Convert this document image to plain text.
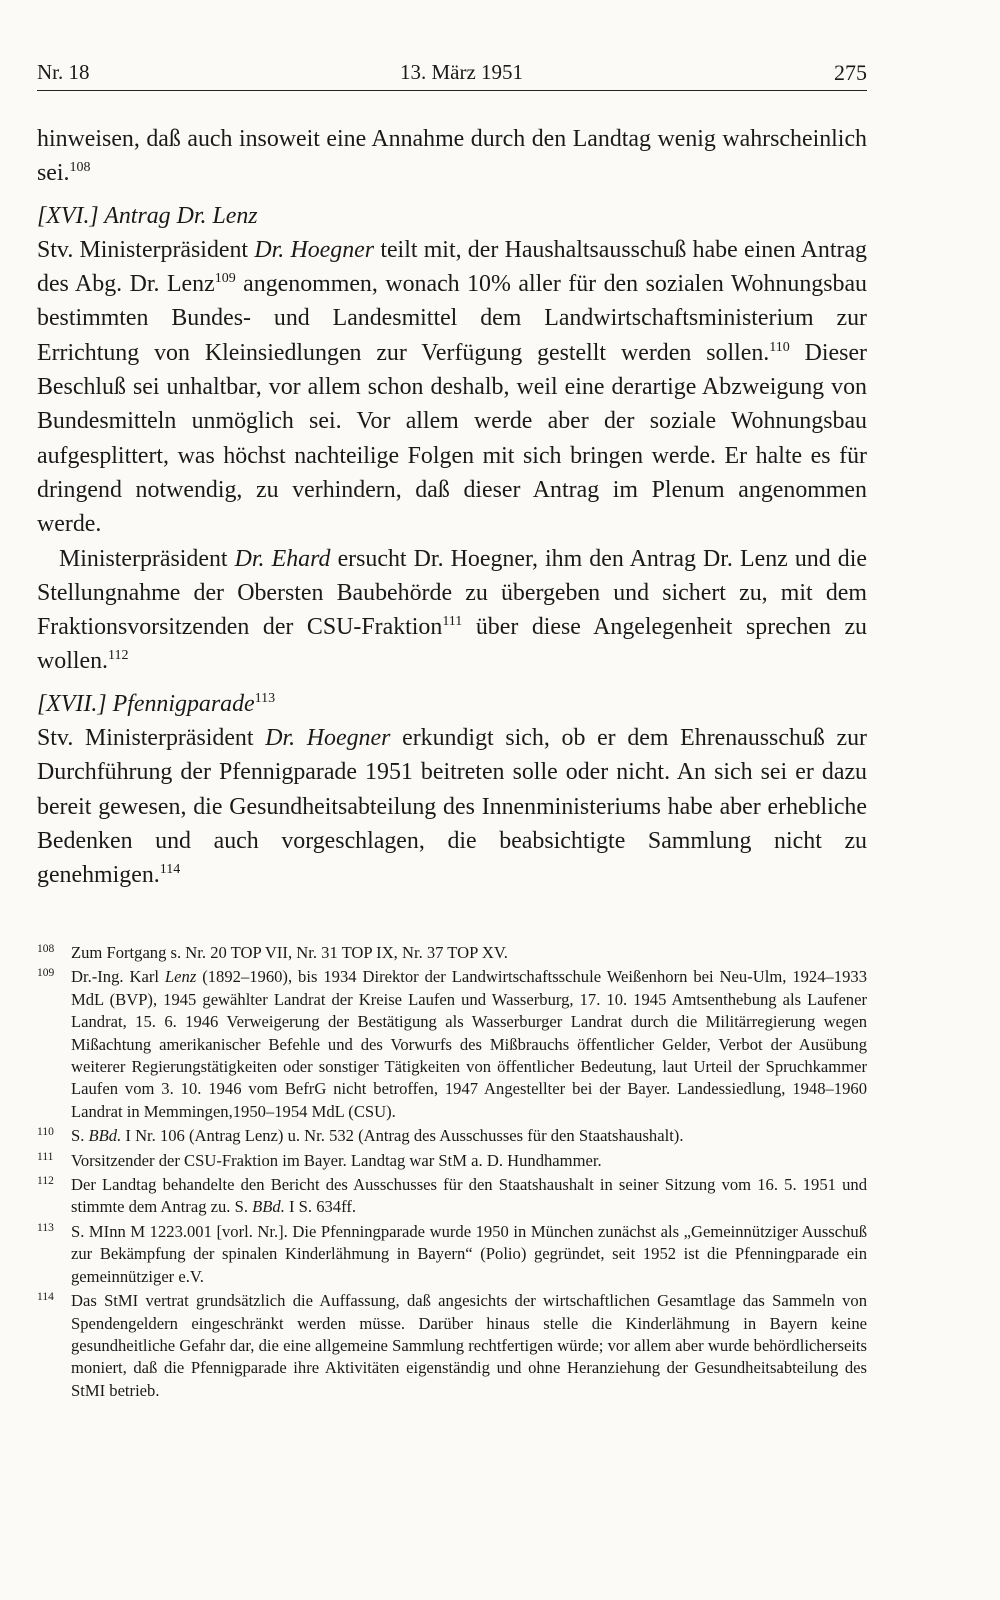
Nr. 18	13. März 1951	275

hinweisen, daß auch insoweit eine Annahme durch den Landtag wenig wahrscheinlich sei.$^{108}$

[XVI.] Antrag Dr. Lenz

Stv. Ministerpräsident Dr. Hoegner teilt mit, der Haushaltsausschuß habe einen Antrag des Abg. Dr. Lenz$^{109}$ angenommen, wonach 10% aller für den sozialen Wohnungsbau bestimmten Bundes- und Landesmittel dem Landwirtschaftsministerium zur Errichtung von Kleinsiedlungen zur Verfügung gestellt werden sollen.$^{110}$ Dieser Beschluß sei unhaltbar, vor allem schon deshalb, weil eine derartige Abzweigung von Bundesmitteln unmöglich sei. Vor allem werde aber der soziale Wohnungsbau aufgesplittert, was höchst nachteilige Folgen mit sich bringen werde. Er halte es für dringend notwendig, zu verhindern, daß dieser Antrag im Plenum angenommen werde.

Ministerpräsident Dr. Ehard ersucht Dr. Hoegner, ihm den Antrag Dr. Lenz und die Stellungnahme der Obersten Baubehörde zu übergeben und sichert zu, mit dem Fraktionsvorsitzenden der CSU-Fraktion$^{111}$ über diese Angelegenheit sprechen zu wollen.$^{112}$

[XVII.] Pfennigparade$^{113}$

Stv. Ministerpräsident Dr. Hoegner erkundigt sich, ob er dem Ehrenausschuß zur Durchführung der Pfennigparade 1951 beitreten solle oder nicht. An sich sei er dazu bereit gewesen, die Gesundheitsabteilung des Innenministeriums habe aber erhebliche Bedenken und auch vorgeschlagen, die beabsichtigte Sammlung nicht zu genehmigen.$^{114}$

108	Zum Fortgang s. Nr. 20 TOP VII, Nr. 31 TOP IX, Nr. 37 TOP XV.
109	Dr.-Ing. Karl Lenz (1892–1960), bis 1934 Direktor der Landwirtschaftsschule Weißenhorn bei Neu-Ulm, 1924–1933 MdL (BVP), 1945 gewählter Landrat der Kreise Laufen und Wasserburg, 17. 10. 1945 Amtsenthebung als Laufener Landrat, 15. 6. 1946 Verweigerung der Bestätigung als Wasserburger Landrat durch die Militärregierung wegen Mißachtung amerikanischer Befehle und des Vorwurfs des Mißbrauchs öffentlicher Gelder, Verbot der Ausübung weiterer Regierungstätigkeiten oder sonstiger Tätigkeiten von öffentlicher Bedeutung, laut Urteil der Spruchkammer Laufen vom 3. 10. 1946 vom BefrG nicht betroffen, 1947 Angestellter bei der Bayer. Landessiedlung, 1948–1960 Landrat in Memmingen,1950–1954 MdL (CSU).
110	S. BBd. I Nr. 106 (Antrag Lenz) u. Nr. 532 (Antrag des Ausschusses für den Staatshaushalt).
111	Vorsitzender der CSU-Fraktion im Bayer. Landtag war StM a. D. Hundhammer.
112	Der Landtag behandelte den Bericht des Ausschusses für den Staatshaushalt in seiner Sitzung vom 16. 5. 1951 und stimmte dem Antrag zu. S. BBd. I S. 634ff.
113	S. MInn M 1223.001 [vorl. Nr.]. Die Pfenningparade wurde 1950 in München zunächst als „Gemeinnütziger Ausschuß zur Bekämpfung der spinalen Kinderlähmung in Bayern“ (Polio) gegründet, seit 1952 ist die Pfenningparade ein gemeinnütziger e.V.
114	Das StMI vertrat grundsätzlich die Auffassung, daß angesichts der wirtschaftlichen Gesamtlage das Sammeln von Spendengeldern eingeschränkt werden müsse. Darüber hinaus stelle die Kinderlähmung in Bayern keine gesundheitliche Gefahr dar, die eine allgemeine Sammlung rechtfertigen würde; vor allem aber wurde behördlicherseits moniert, daß die Pfennigparade ihre Aktivitäten eigenständig und ohne Heranziehung der Gesundheitsabteilung des StMI betrieb.
